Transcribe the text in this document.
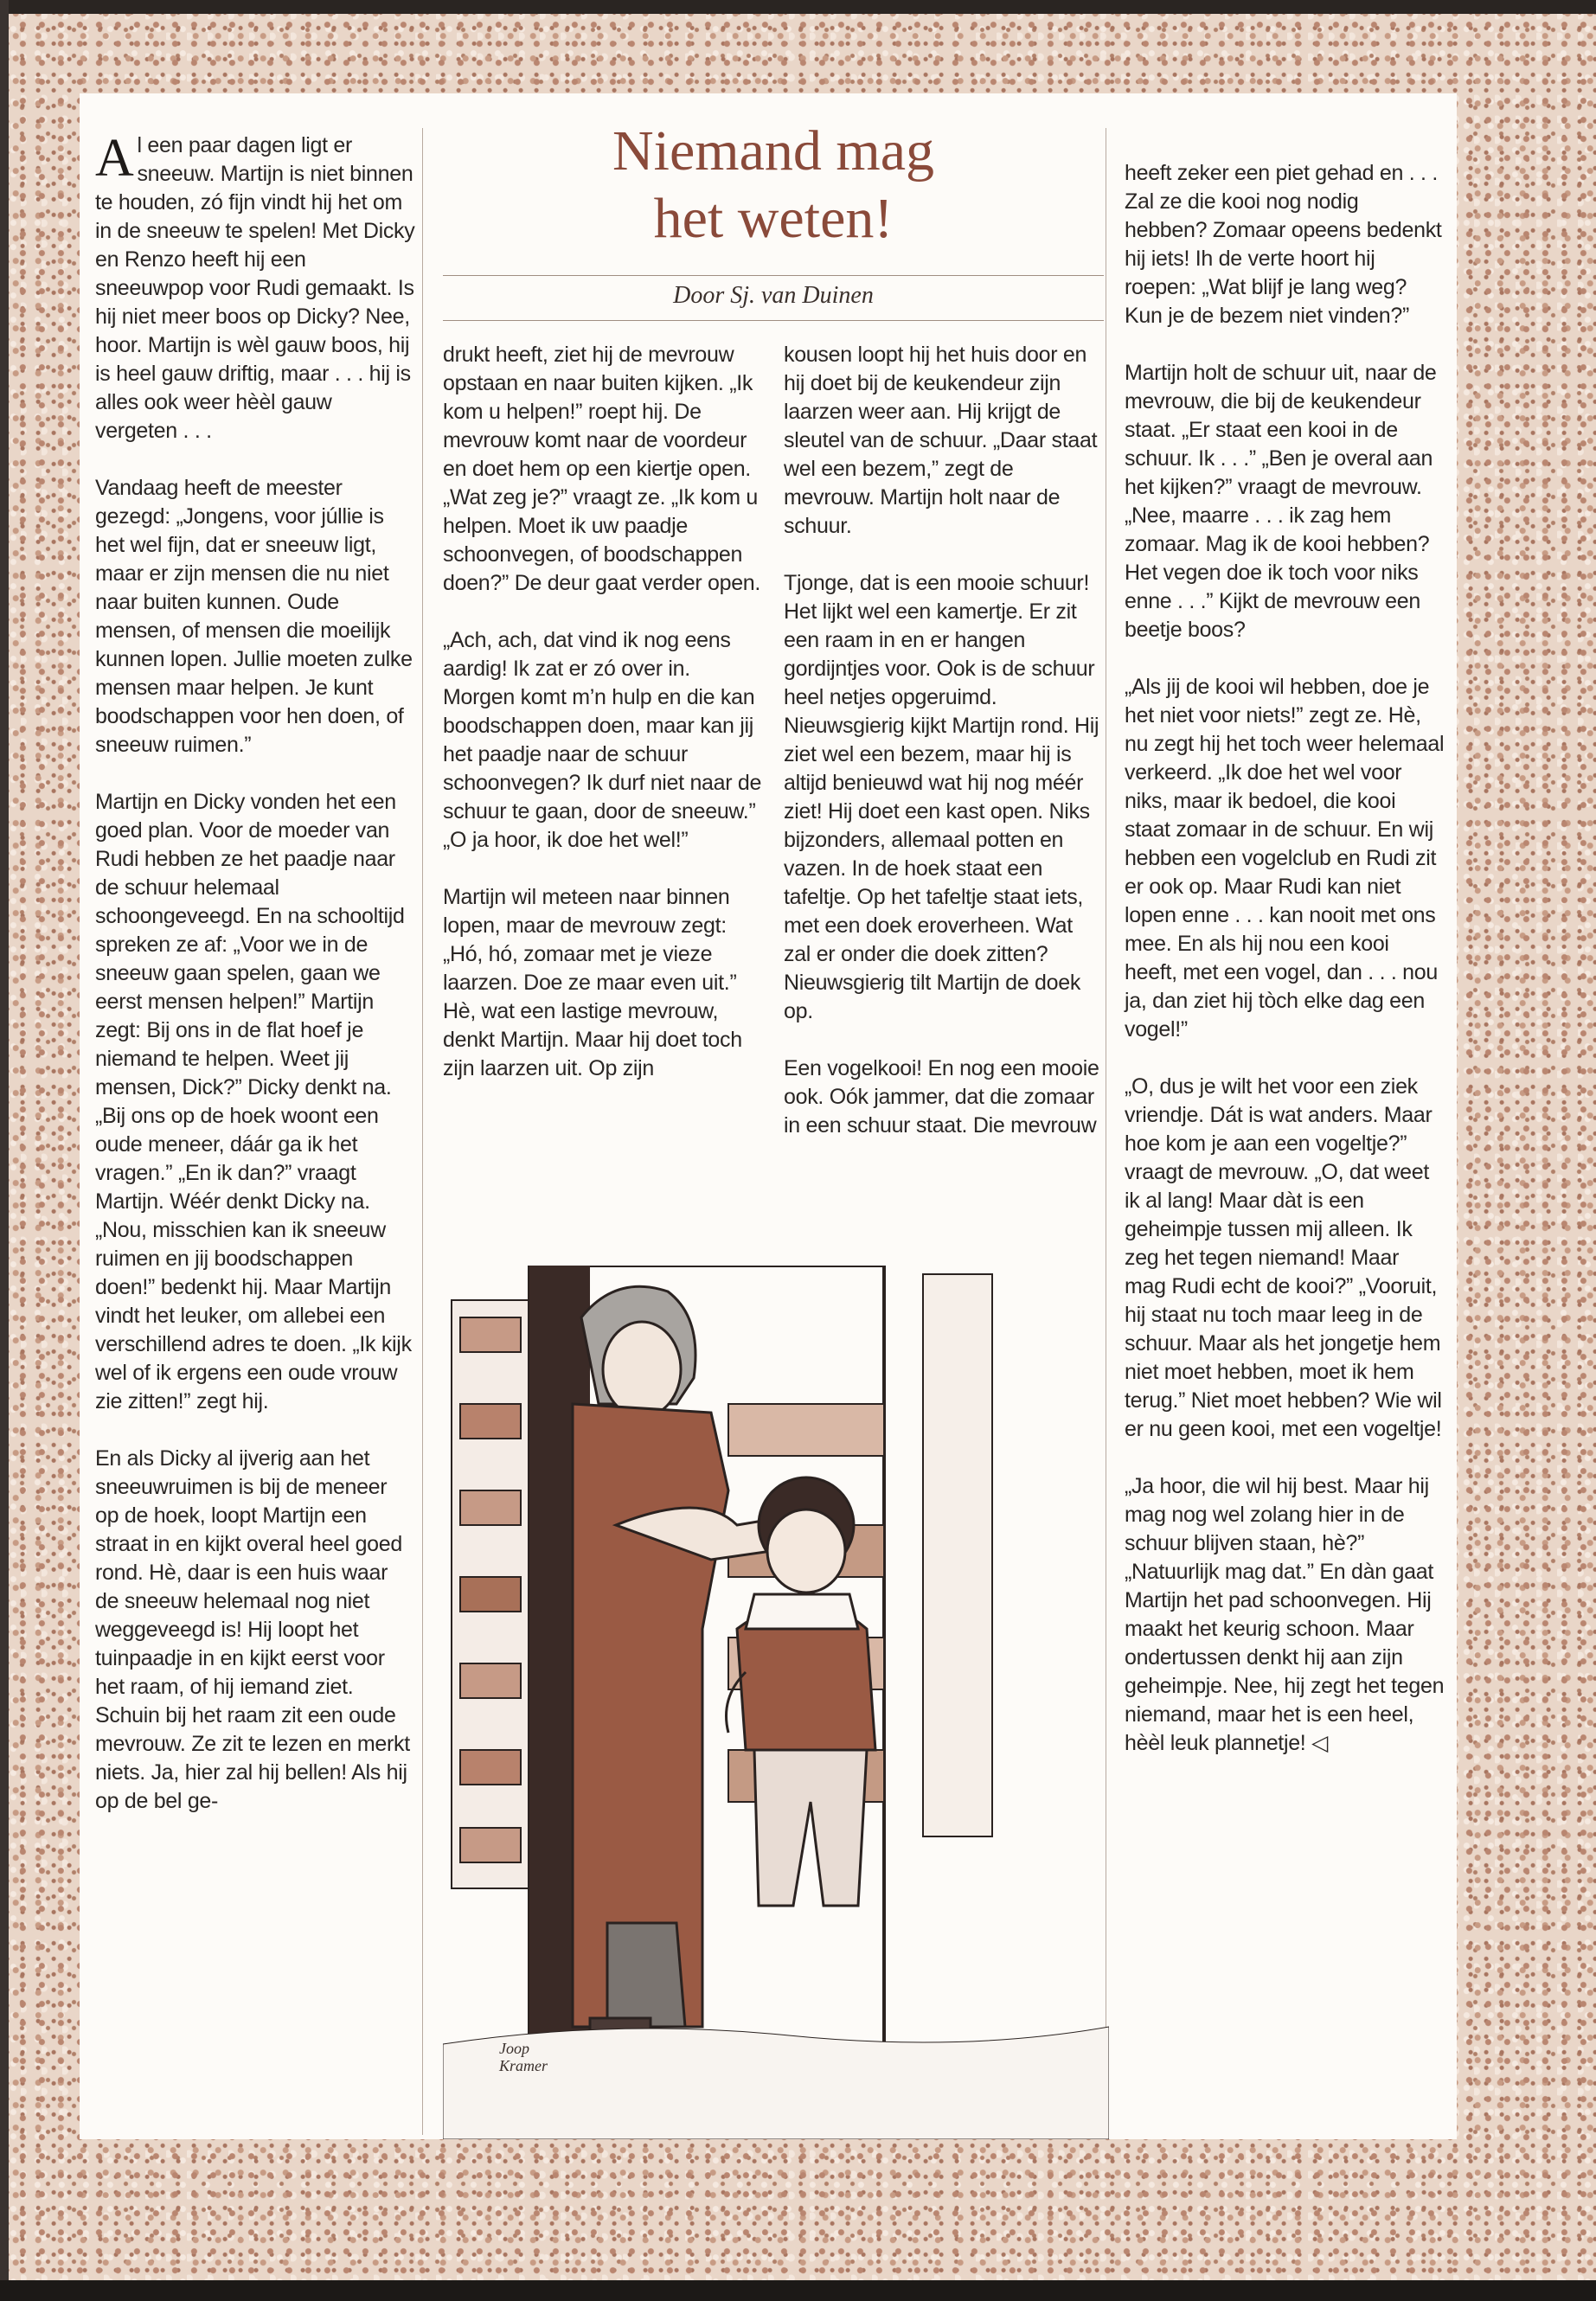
Niemand mag
het weten!
Door Sj. van Duinen

Al een paar dagen ligt er sneeuw. Martijn is niet binnen te houden, zó fijn vindt hij het om in de sneeuw te spelen! Met Dicky en Renzo heeft hij een sneeuwpop voor Rudi gemaakt. Is hij niet meer boos op Dicky? Nee, hoor. Martijn is wèl gauw boos, hij is heel gauw driftig, maar . . . hij is alles ook weer hèèl gauw vergeten . . .

Vandaag heeft de meester gezegd: „Jongens, voor júllie is het wel fijn, dat er sneeuw ligt, maar er zijn mensen die nu niet naar buiten kunnen. Oude mensen, of mensen die moeilijk kunnen lopen. Jullie moeten zulke mensen maar helpen. Je kunt boodschappen voor hen doen, of sneeuw ruimen.”

Martijn en Dicky vonden het een goed plan. Voor de moeder van Rudi hebben ze het paadje naar de schuur helemaal schoongeveegd. En na schooltijd spreken ze af: „Voor we in de sneeuw gaan spelen, gaan we eerst mensen helpen!” Martijn zegt: Bij ons in de flat hoef je niemand te helpen. Weet jij mensen, Dick?” Dicky denkt na. „Bij ons op de hoek woont een oude meneer, dáár ga ik het vragen.” „En ik dan?” vraagt Martijn. Wéér denkt Dicky na. „Nou, misschien kan ik sneeuw ruimen en jij boodschappen doen!” bedenkt hij. Maar Martijn vindt het leuker, om allebei een verschillend adres te doen. „Ik kijk wel of ik ergens een oude vrouw zie zitten!” zegt hij.

En als Dicky al ijverig aan het sneeuwruimen is bij de meneer op de hoek, loopt Martijn een straat in en kijkt overal heel goed rond. Hè, daar is een huis waar de sneeuw helemaal nog niet weggeveegd is! Hij loopt het tuinpaadje in en kijkt eerst voor het raam, of hij iemand ziet. Schuin bij het raam zit een oude mevrouw. Ze zit te lezen en merkt niets. Ja, hier zal hij bellen! Als hij op de bel ge-

drukt heeft, ziet hij de mevrouw opstaan en naar buiten kijken. „Ik kom u helpen!” roept hij. De mevrouw komt naar de voordeur en doet hem op een kiertje open. „Wat zeg je?” vraagt ze. „Ik kom u helpen. Moet ik uw paadje schoonvegen, of boodschappen doen?” De deur gaat verder open.

„Ach, ach, dat vind ik nog eens aardig! Ik zat er zó over in. Morgen komt m’n hulp en die kan boodschappen doen, maar kan jij het paadje naar de schuur schoonvegen? Ik durf niet naar de schuur te gaan, door de sneeuw.” „O ja hoor, ik doe het wel!”

Martijn wil meteen naar binnen lopen, maar de mevrouw zegt: „Hó, hó, zomaar met je vieze laarzen. Doe ze maar even uit.” Hè, wat een lastige mevrouw, denkt Martijn. Maar hij doet toch zijn laarzen uit. Op zijn

kousen loopt hij het huis door en hij doet bij de keukendeur zijn laarzen weer aan. Hij krijgt de sleutel van de schuur. „Daar staat wel een bezem,” zegt de mevrouw. Martijn holt naar de schuur.

Tjonge, dat is een mooie schuur! Het lijkt wel een kamertje. Er zit een raam in en er hangen gordijntjes voor. Ook is de schuur heel netjes opgeruimd. Nieuwsgierig kijkt Martijn rond. Hij ziet wel een bezem, maar hij is altijd benieuwd wat hij nog méér ziet! Hij doet een kast open. Niks bijzonders, allemaal potten en vazen. In de hoek staat een tafeltje. Op het tafeltje staat iets, met een doek eroverheen. Wat zal er onder die doek zitten? Nieuwsgierig tilt Martijn de doek op.

Een vogelkooi! En nog een mooie ook. Oók jammer, dat die zomaar in een schuur staat. Die mevrouw

heeft zeker een piet gehad en . . . Zal ze die kooi nog nodig hebben? Zomaar opeens bedenkt hij iets! Ih de verte hoort hij roepen: „Wat blijf je lang weg? Kun je de bezem niet vinden?”

Martijn holt de schuur uit, naar de mevrouw, die bij de keukendeur staat. „Er staat een kooi in de schuur. Ik . . .” „Ben je overal aan het kijken?” vraagt de mevrouw. „Nee, maarre . . . ik zag hem zomaar. Mag ik de kooi hebben? Het vegen doe ik toch voor niks enne . . .” Kijkt de mevrouw een beetje boos?

„Als jij de kooi wil hebben, doe je het niet voor niets!” zegt ze. Hè, nu zegt hij het toch weer helemaal verkeerd. „Ik doe het wel voor niks, maar ik bedoel, die kooi staat zomaar in de schuur. En wij hebben een vogelclub en Rudi zit er ook op. Maar Rudi kan niet lopen enne . . . kan nooit met ons mee. En als hij nou een kooi heeft, met een vogel, dan . . . nou ja, dan ziet hij tòch elke dag een vogel!”

„O, dus je wilt het voor een ziek vriendje. Dát is wat anders. Maar hoe kom je aan een vogeltje?” vraagt de mevrouw. „O, dat weet ik al lang! Maar dàt is een geheimpje tussen mij alleen. Ik zeg het tegen niemand! Maar mag Rudi echt de kooi?” „Vooruit, hij staat nu toch maar leeg in de schuur. Maar als het jongetje hem niet moet hebben, moet ik hem terug.” Niet moet hebben? Wie wil er nu geen kooi, met een vogeltje!

„Ja hoor, die wil hij best. Maar hij mag nog wel zolang hier in de schuur blijven staan, hè?” „Natuurlijk mag dat.” En dàn gaat Martijn het pad schoonvegen. Hij maakt het keurig schoon. Maar ondertussen denkt hij aan zijn geheimpje. Nee, hij zegt het tegen niemand, maar het is een heel, hèèl leuk plannetje! ◁

Joop
Kramer
